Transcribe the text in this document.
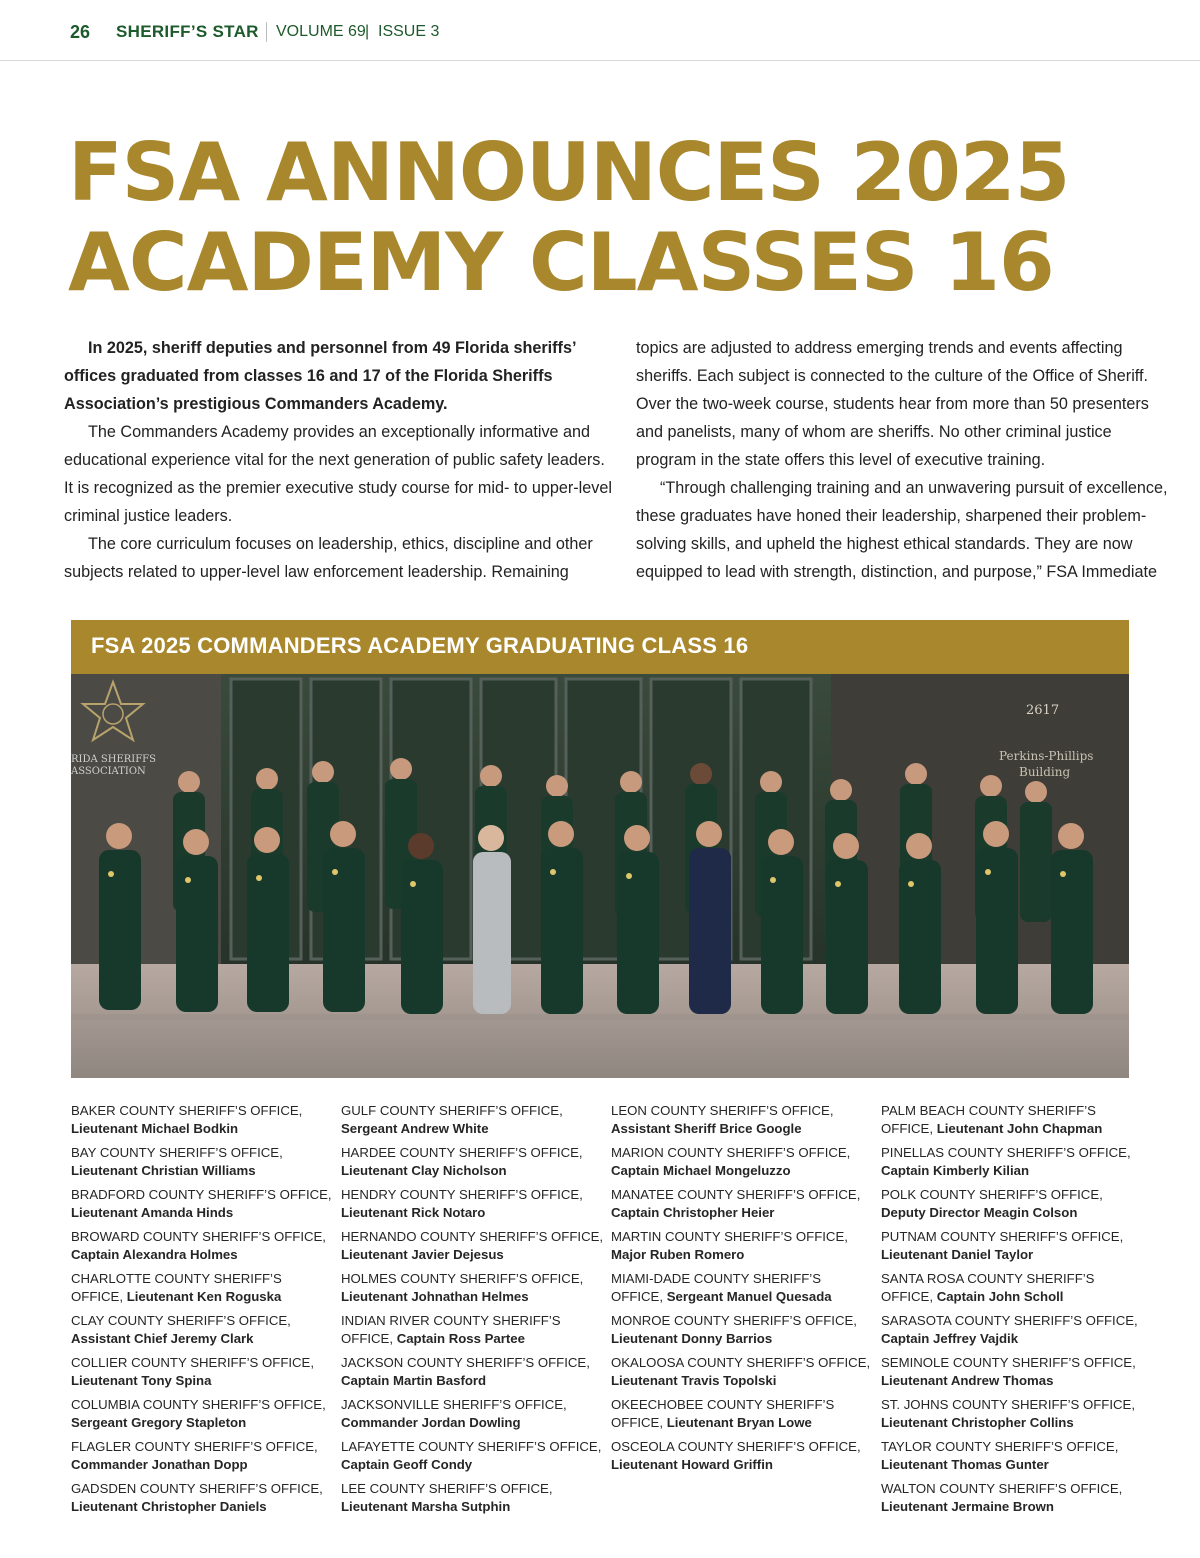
26 SHERIFF’S STAR VOLUME 69 | ISSUE 3
FSA ANNOUNCES 2025
ACADEMY CLASSES 16

In 2025, sheriff deputies and personnel from 49 Florida sheriffs’ offices graduated from classes 16 and 17 of the Florida Sheriffs Association’s prestigious Commanders Academy.

The Commanders Academy provides an exceptionally informative and educational experience vital for the next generation of public safety leaders. It is recognized as the premier executive study course for mid- to upper-level criminal justice leaders.

The core curriculum focuses on leadership, ethics, discipline and other subjects related to upper-level law enforcement leadership. Remaining

topics are adjusted to address emerging trends and events affecting sheriffs. Each subject is connected to the culture of the Office of Sheriff. Over the two-week course, students hear from more than 50 presenters and panelists, many of whom are sheriffs. No other criminal justice program in the state offers this level of executive training.

“Through challenging training and an unwavering pursuit of excellence, these graduates have honed their leadership, sharpened their problem-solving skills, and upheld the highest ethical standards. They are now equipped to lead with strength, distinction, and purpose,” FSA Immediate

FSA 2025 COMMANDERS ACADEMY GRADUATING CLASS 16
RIDA SHERIFFS
ASSOCIATION
2617
Perkins-Phillips
Building
BAKER COUNTY SHERIFF’S OFFICE,
Lieutenant Michael Bodkin
BAY COUNTY SHERIFF’S OFFICE,
Lieutenant Christian Williams
BRADFORD COUNTY SHERIFF’S OFFICE,
Lieutenant Amanda Hinds
BROWARD COUNTY SHERIFF’S OFFICE,
Captain Alexandra Holmes
CHARLOTTE COUNTY SHERIFF’S
OFFICE, Lieutenant Ken Roguska
CLAY COUNTY SHERIFF’S OFFICE,
Assistant Chief Jeremy Clark
COLLIER COUNTY SHERIFF’S OFFICE,
Lieutenant Tony Spina
COLUMBIA COUNTY SHERIFF’S OFFICE,
Sergeant Gregory Stapleton
FLAGLER COUNTY SHERIFF’S OFFICE,
Commander Jonathan Dopp
GADSDEN COUNTY SHERIFF’S OFFICE,
Lieutenant Christopher Daniels
GULF COUNTY SHERIFF’S OFFICE,
Sergeant Andrew White
HARDEE COUNTY SHERIFF’S OFFICE,
Lieutenant Clay Nicholson
HENDRY COUNTY SHERIFF’S OFFICE,
Lieutenant Rick Notaro
HERNANDO COUNTY SHERIFF’S OFFICE,
Lieutenant Javier Dejesus
HOLMES COUNTY SHERIFF’S OFFICE,
Lieutenant Johnathan Helmes
INDIAN RIVER COUNTY SHERIFF’S
OFFICE, Captain Ross Partee
JACKSON COUNTY SHERIFF’S OFFICE,
Captain Martin Basford
JACKSONVILLE SHERIFF’S OFFICE,
Commander Jordan Dowling
LAFAYETTE COUNTY SHERIFF’S OFFICE,
Captain Geoff Condy
LEE COUNTY SHERIFF’S OFFICE,
Lieutenant Marsha Sutphin
LEON COUNTY SHERIFF’S OFFICE,
Assistant Sheriff Brice Google
MARION COUNTY SHERIFF’S OFFICE,
Captain Michael Mongeluzzo
MANATEE COUNTY SHERIFF’S OFFICE,
Captain Christopher Heier
MARTIN COUNTY SHERIFF’S OFFICE,
Major Ruben Romero
MIAMI-DADE COUNTY SHERIFF’S
OFFICE, Sergeant Manuel Quesada
MONROE COUNTY SHERIFF’S OFFICE,
Lieutenant Donny Barrios
OKALOOSA COUNTY SHERIFF’S OFFICE,
Lieutenant Travis Topolski
OKEECHOBEE COUNTY SHERIFF’S
OFFICE, Lieutenant Bryan Lowe
OSCEOLA COUNTY SHERIFF’S OFFICE,
Lieutenant Howard Griffin
PALM BEACH COUNTY SHERIFF’S
OFFICE, Lieutenant John Chapman
PINELLAS COUNTY SHERIFF’S OFFICE,
Captain Kimberly Kilian
POLK COUNTY SHERIFF’S OFFICE,
Deputy Director Meagin Colson
PUTNAM COUNTY SHERIFF’S OFFICE,
Lieutenant Daniel Taylor
SANTA ROSA COUNTY SHERIFF’S
OFFICE, Captain John Scholl
SARASOTA COUNTY SHERIFF’S OFFICE,
Captain Jeffrey Vajdik
SEMINOLE COUNTY SHERIFF’S OFFICE,
Lieutenant Andrew Thomas
ST. JOHNS COUNTY SHERIFF’S OFFICE,
Lieutenant Christopher Collins
TAYLOR COUNTY SHERIFF’S OFFICE,
Lieutenant Thomas Gunter
WALTON COUNTY SHERIFF’S OFFICE,
Lieutenant Jermaine Brown
